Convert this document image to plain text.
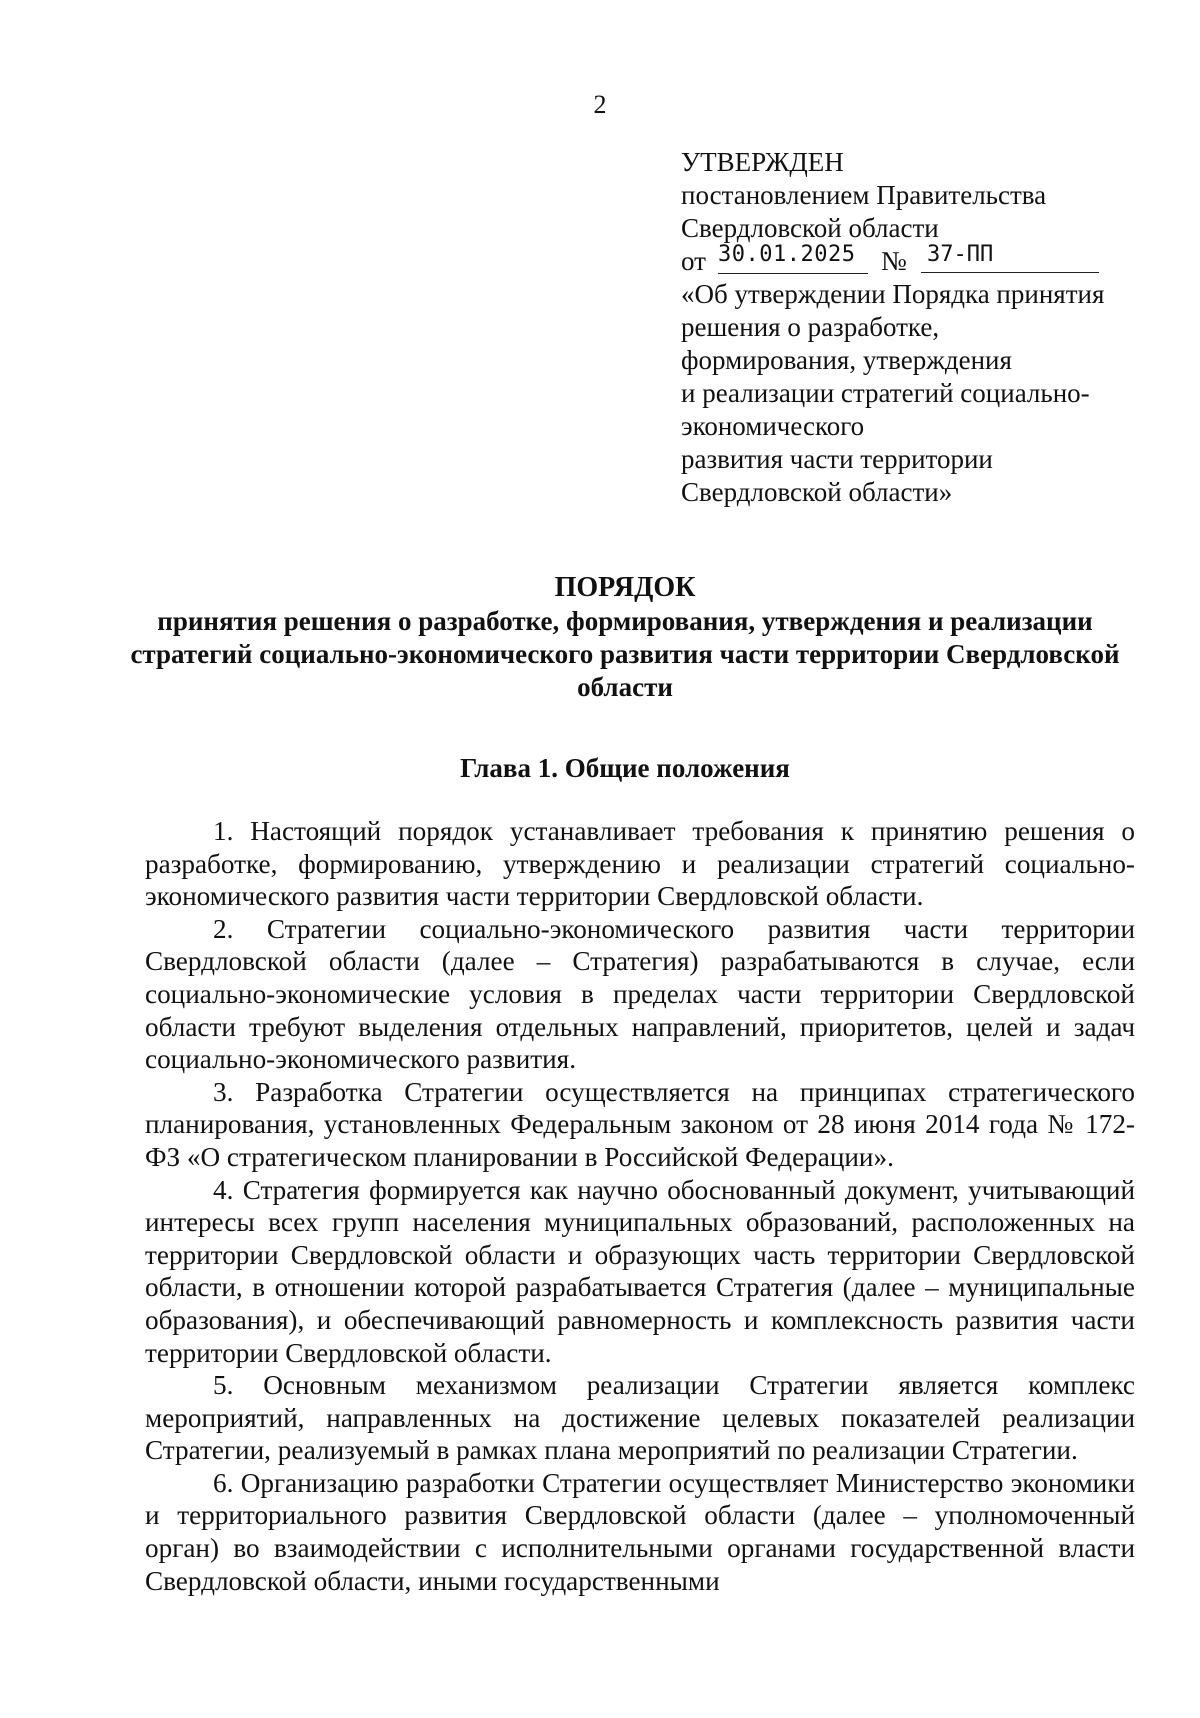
2
УТВЕРЖДЕН
постановлением Правительства
Свердловской области
от 30.01.2025 № 37-ПП
«Об утверждении Порядка принятия
решения о разработке,
формирования, утверждения
и реализации стратегий социально-
экономического
развития части территории
Свердловской области»
ПОРЯДОК
принятия решения о разработке, формирования, утверждения и реализации стратегий социально-экономического развития части территории Свердловской области
Глава 1. Общие положения

1. Настоящий порядок устанавливает требования к принятию решения о разработке, формированию, утверждению и реализации стратегий социально-экономического развития части территории Свердловской области.

2. Стратегии социально-экономического развития части территории Свердловской области (далее – Стратегия) разрабатываются в случае, если социально-экономические условия в пределах части территории Свердловской области требуют выделения отдельных направлений, приоритетов, целей и задач социально-экономического развития.

3. Разработка Стратегии осуществляется на принципах стратегического планирования, установленных Федеральным законом от 28 июня 2014 года № 172-ФЗ «О стратегическом планировании в Российской Федерации».

4. Стратегия формируется как научно обоснованный документ, учитывающий интересы всех групп населения муниципальных образований, расположенных на территории Свердловской области и образующих часть территории Свердловской области, в отношении которой разрабатывается Стратегия (далее – муниципальные образования), и обеспечивающий равномерность и комплексность развития части территории Свердловской области.

5. Основным механизмом реализации Стратегии является комплекс мероприятий, направленных на достижение целевых показателей реализации Стратегии, реализуемый в рамках плана мероприятий по реализации Стратегии.

6. Организацию разработки Стратегии осуществляет Министерство экономики и территориального развития Свердловской области (далее – уполномоченный орган) во взаимодействии с исполнительными органами государственной власти Свердловской области, иными государственными
